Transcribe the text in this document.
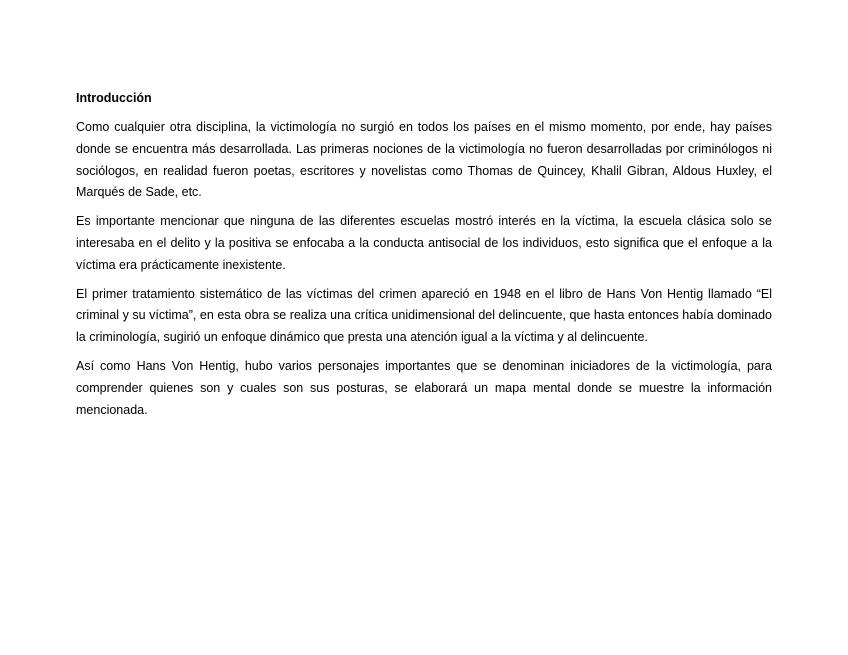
Introducción

Como cualquier otra disciplina, la victimología no surgió en todos los países en el mismo momento, por ende, hay países donde se encuentra más desarrollada. Las primeras nociones de la victimología no fueron desarrolladas por criminólogos ni sociólogos, en realidad fueron poetas, escritores y novelistas como Thomas de Quincey, Khalil Gibran, Aldous Huxley, el Marqués de Sade, etc.

Es importante mencionar que ninguna de las diferentes escuelas mostró interés en la víctima, la escuela clásica solo se interesaba en el delito y la positiva se enfocaba a la conducta antisocial de los individuos, esto significa que el enfoque a la víctima era prácticamente inexistente.

El primer tratamiento sistemático de las víctimas del crimen apareció en 1948 en el libro de Hans Von Hentig llamado “El criminal y su víctima”, en esta obra se realiza una crítica unidimensional del delincuente, que hasta entonces había dominado la criminología, sugirió un enfoque dinámico que presta una atención igual a la víctima y al delincuente.

Así como Hans Von Hentig, hubo varios personajes importantes que se denominan iniciadores de la victimología, para comprender quienes son y cuales son sus posturas, se elaborará un mapa mental donde se muestre la información mencionada.
